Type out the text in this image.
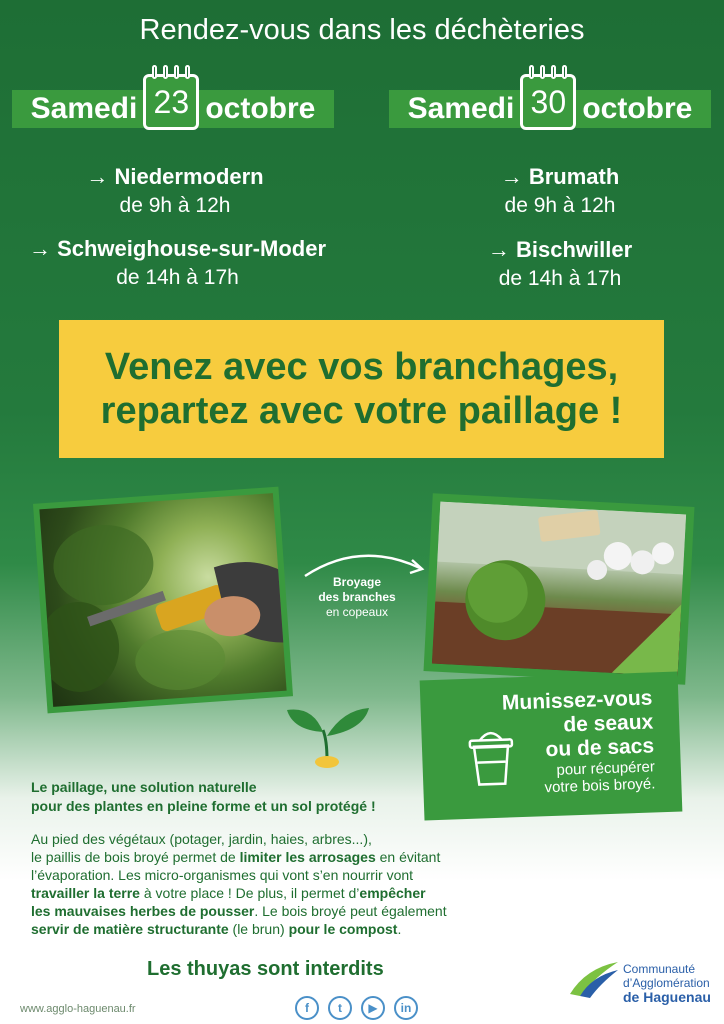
Rendez-vous dans les déchèteries
Samedi 23 octobre	Samedi 30 octobre
→ Niedermodern
de 9h à 12h
→ Schweighouse-sur-Moder
de 14h à 17h
→ Brumath
de 9h à 12h
→ Bischwiller
de 14h à 17h
Venez avec vos branchages,
repartez avec votre paillage !
Broyage
des branches
en copeaux
Munissez-vous
de seaux
ou de sacs
pour récupérer
votre bois broyé.
Le paillage, une solution naturelle
pour des plantes en pleine forme et un sol protégé !
Au pied des végétaux (potager, jardin, haies, arbres...),
le paillis de bois broyé permet de limiter les arrosages en évitant
l’évaporation. Les micro-organismes qui vont s’en nourrir vont
travailler la terre à votre place ! De plus, il permet d’empêcher
les mauvaises herbes de pousser. Le bois broyé peut également
servir de matière structurante (le brun) pour le compost.
Les thuyas sont interdits
www.agglo-haguenau.fr	f	t	▶	in
Communauté
d’Agglomération
de Haguenau
